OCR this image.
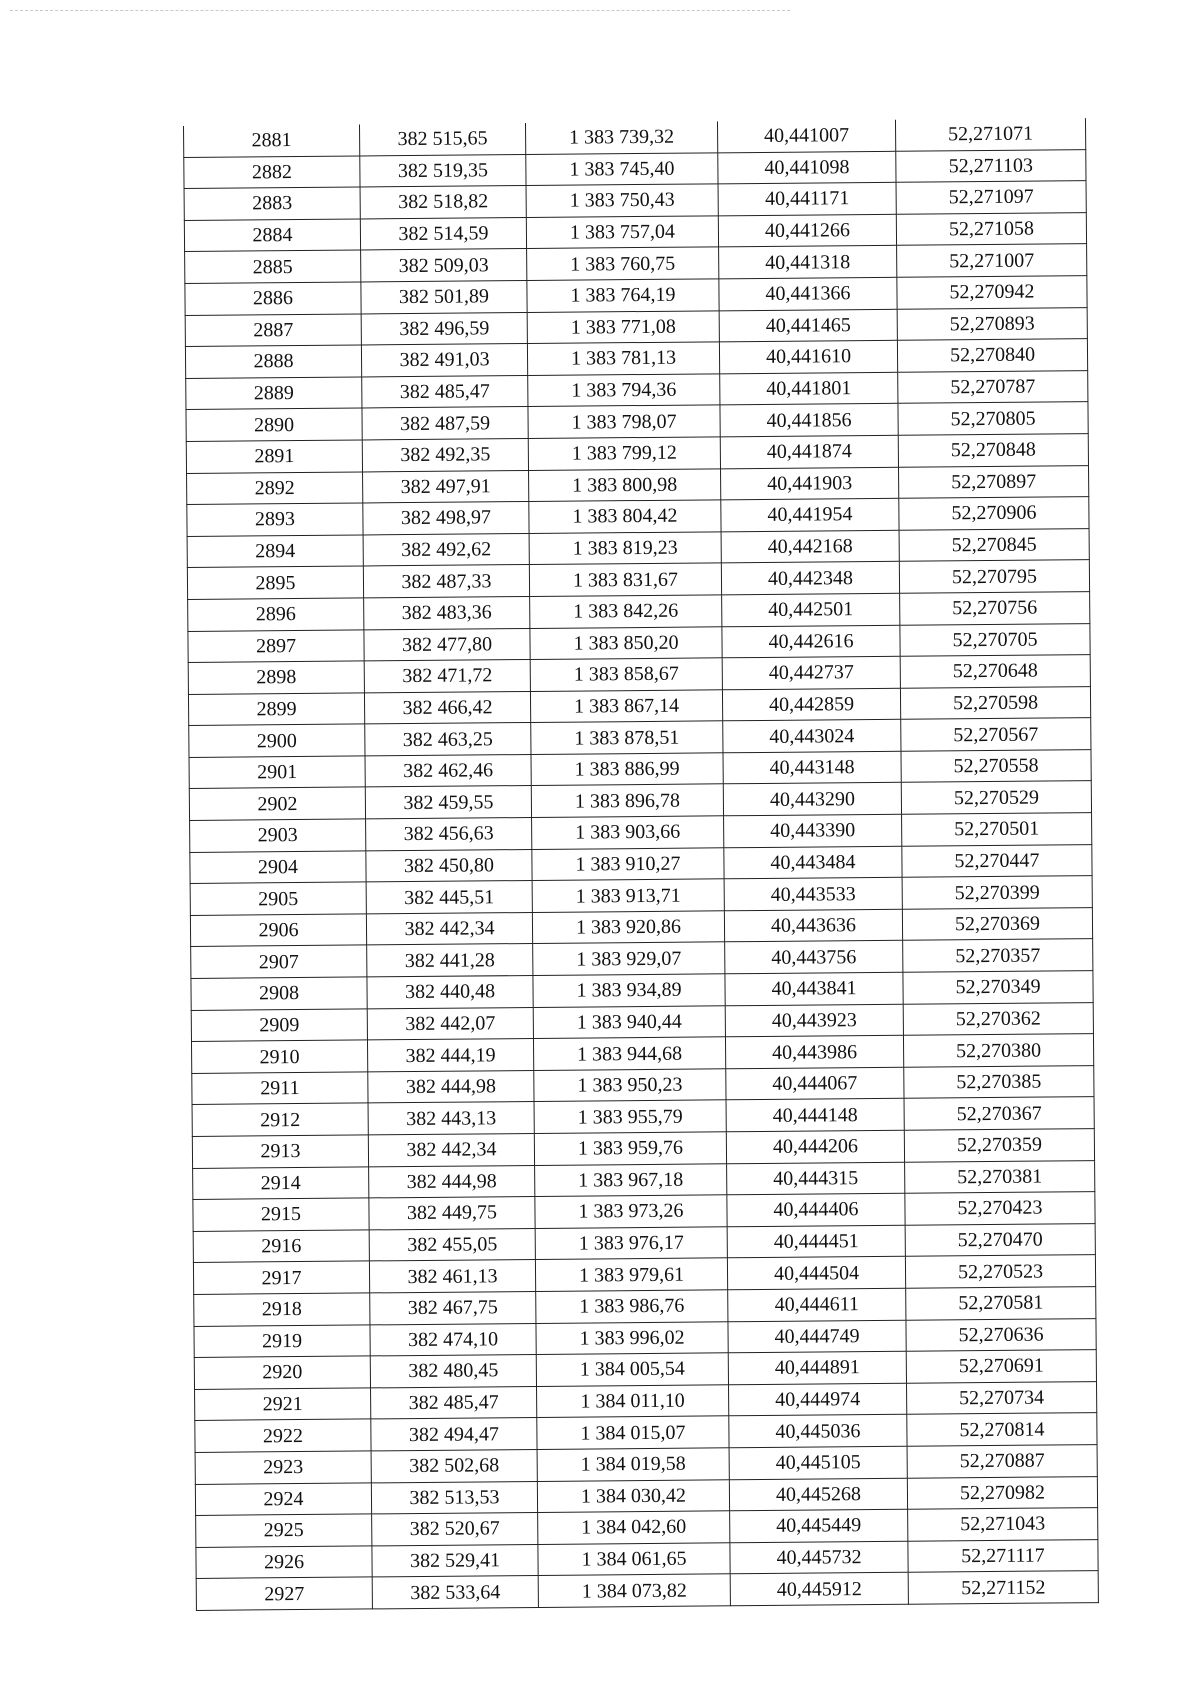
2881	382 515,65	1 383 739,32	40,441007	52,271071
2882	382 519,35	1 383 745,40	40,441098	52,271103
2883	382 518,82	1 383 750,43	40,441171	52,271097
2884	382 514,59	1 383 757,04	40,441266	52,271058
2885	382 509,03	1 383 760,75	40,441318	52,271007
2886	382 501,89	1 383 764,19	40,441366	52,270942
2887	382 496,59	1 383 771,08	40,441465	52,270893
2888	382 491,03	1 383 781,13	40,441610	52,270840
2889	382 485,47	1 383 794,36	40,441801	52,270787
2890	382 487,59	1 383 798,07	40,441856	52,270805
2891	382 492,35	1 383 799,12	40,441874	52,270848
2892	382 497,91	1 383 800,98	40,441903	52,270897
2893	382 498,97	1 383 804,42	40,441954	52,270906
2894	382 492,62	1 383 819,23	40,442168	52,270845
2895	382 487,33	1 383 831,67	40,442348	52,270795
2896	382 483,36	1 383 842,26	40,442501	52,270756
2897	382 477,80	1 383 850,20	40,442616	52,270705
2898	382 471,72	1 383 858,67	40,442737	52,270648
2899	382 466,42	1 383 867,14	40,442859	52,270598
2900	382 463,25	1 383 878,51	40,443024	52,270567
2901	382 462,46	1 383 886,99	40,443148	52,270558
2902	382 459,55	1 383 896,78	40,443290	52,270529
2903	382 456,63	1 383 903,66	40,443390	52,270501
2904	382 450,80	1 383 910,27	40,443484	52,270447
2905	382 445,51	1 383 913,71	40,443533	52,270399
2906	382 442,34	1 383 920,86	40,443636	52,270369
2907	382 441,28	1 383 929,07	40,443756	52,270357
2908	382 440,48	1 383 934,89	40,443841	52,270349
2909	382 442,07	1 383 940,44	40,443923	52,270362
2910	382 444,19	1 383 944,68	40,443986	52,270380
2911	382 444,98	1 383 950,23	40,444067	52,270385
2912	382 443,13	1 383 955,79	40,444148	52,270367
2913	382 442,34	1 383 959,76	40,444206	52,270359
2914	382 444,98	1 383 967,18	40,444315	52,270381
2915	382 449,75	1 383 973,26	40,444406	52,270423
2916	382 455,05	1 383 976,17	40,444451	52,270470
2917	382 461,13	1 383 979,61	40,444504	52,270523
2918	382 467,75	1 383 986,76	40,444611	52,270581
2919	382 474,10	1 383 996,02	40,444749	52,270636
2920	382 480,45	1 384 005,54	40,444891	52,270691
2921	382 485,47	1 384 011,10	40,444974	52,270734
2922	382 494,47	1 384 015,07	40,445036	52,270814
2923	382 502,68	1 384 019,58	40,445105	52,270887
2924	382 513,53	1 384 030,42	40,445268	52,270982
2925	382 520,67	1 384 042,60	40,445449	52,271043
2926	382 529,41	1 384 061,65	40,445732	52,271117
2927	382 533,64	1 384 073,82	40,445912	52,271152
